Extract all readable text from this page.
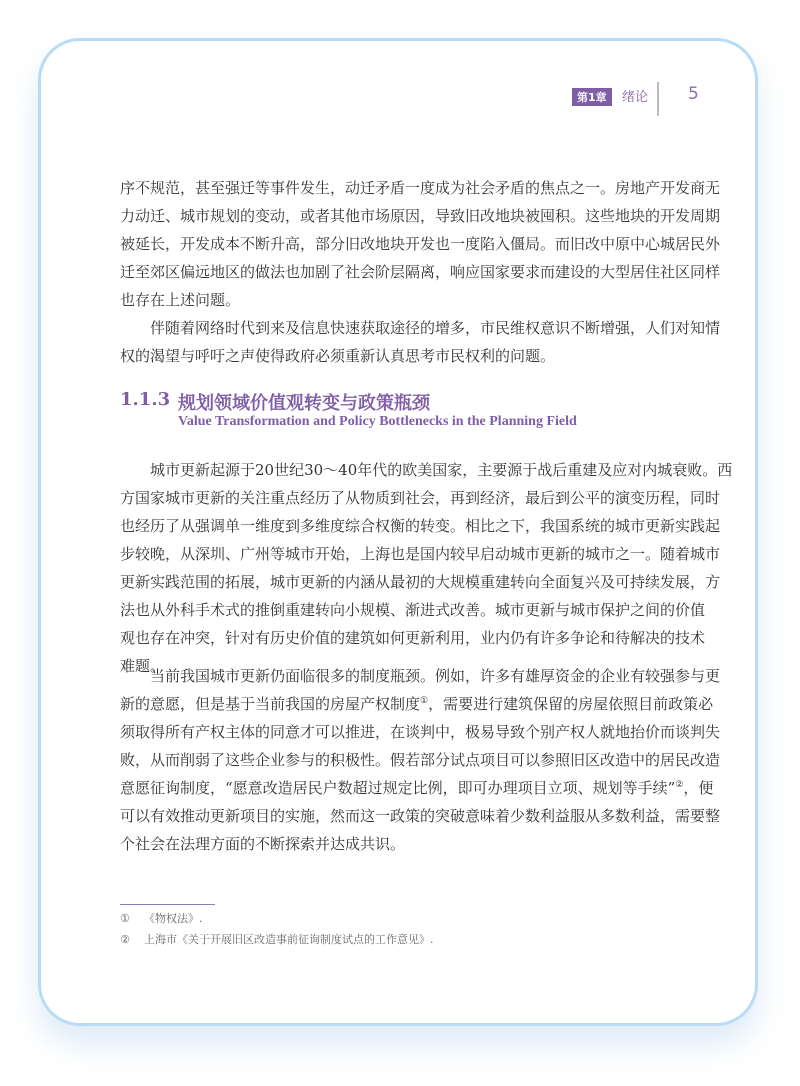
第1章	绪论 5
序不规范，甚至强迁等事件发生，动迁矛盾一度成为社会矛盾的焦点之一。房地产开发商无
力动迁、城市规划的变动，或者其他市场原因，导致旧改地块被囤积。这些地块的开发周期
被延长，开发成本不断升高，部分旧改地块开发也一度陷入僵局。而旧改中原中心城居民外
迁至郊区偏远地区的做法也加剧了社会阶层隔离，响应国家要求而建设的大型居住社区同样
也存在上述问题。
伴随着网络时代到来及信息快速获取途径的增多，市民维权意识不断增强，人们对知情
权的渴望与呼吁之声使得政府必须重新认真思考市民权利的问题。
1.1.3 规划领域价值观转变与政策瓶颈
Value Transformation and Policy Bottlenecks in the Planning Field
城市更新起源于20世纪30～40年代的欧美国家，主要源于战后重建及应对内城衰败。西
方国家城市更新的关注重点经历了从物质到社会，再到经济，最后到公平的演变历程，同时
也经历了从强调单一维度到多维度综合权衡的转变。相比之下，我国系统的城市更新实践起
步较晚，从深圳、广州等城市开始，上海也是国内较早启动城市更新的城市之一。随着城市
更新实践范围的拓展，城市更新的内涵从最初的大规模重建转向全面复兴及可持续发展，方
法也从外科手术式的推倒重建转向小规模、渐进式改善。城市更新与城市保护之间的价值
观也存在冲突，针对有历史价值的建筑如何更新利用，业内仍有许多争论和待解决的技术
难题。
当前我国城市更新仍面临很多的制度瓶颈。例如，许多有雄厚资金的企业有较强参与更
新的意愿，但是基于当前我国的房屋产权制度①，需要进行建筑保留的房屋依照目前政策必
须取得所有产权主体的同意才可以推进，在谈判中，极易导致个别产权人就地抬价而谈判失
败，从而削弱了这些企业参与的积极性。假若部分试点项目可以参照旧区改造中的居民改造
意愿征询制度，“愿意改造居民户数超过规定比例，即可办理项目立项、规划等手续”②，便
可以有效推动更新项目的实施，然而这一政策的突破意味着少数利益服从多数利益，需要整
个社会在法理方面的不断探索并达成共识。
① 《物权法》.
② 上海市《关于开展旧区改造事前征询制度试点的工作意见》.
